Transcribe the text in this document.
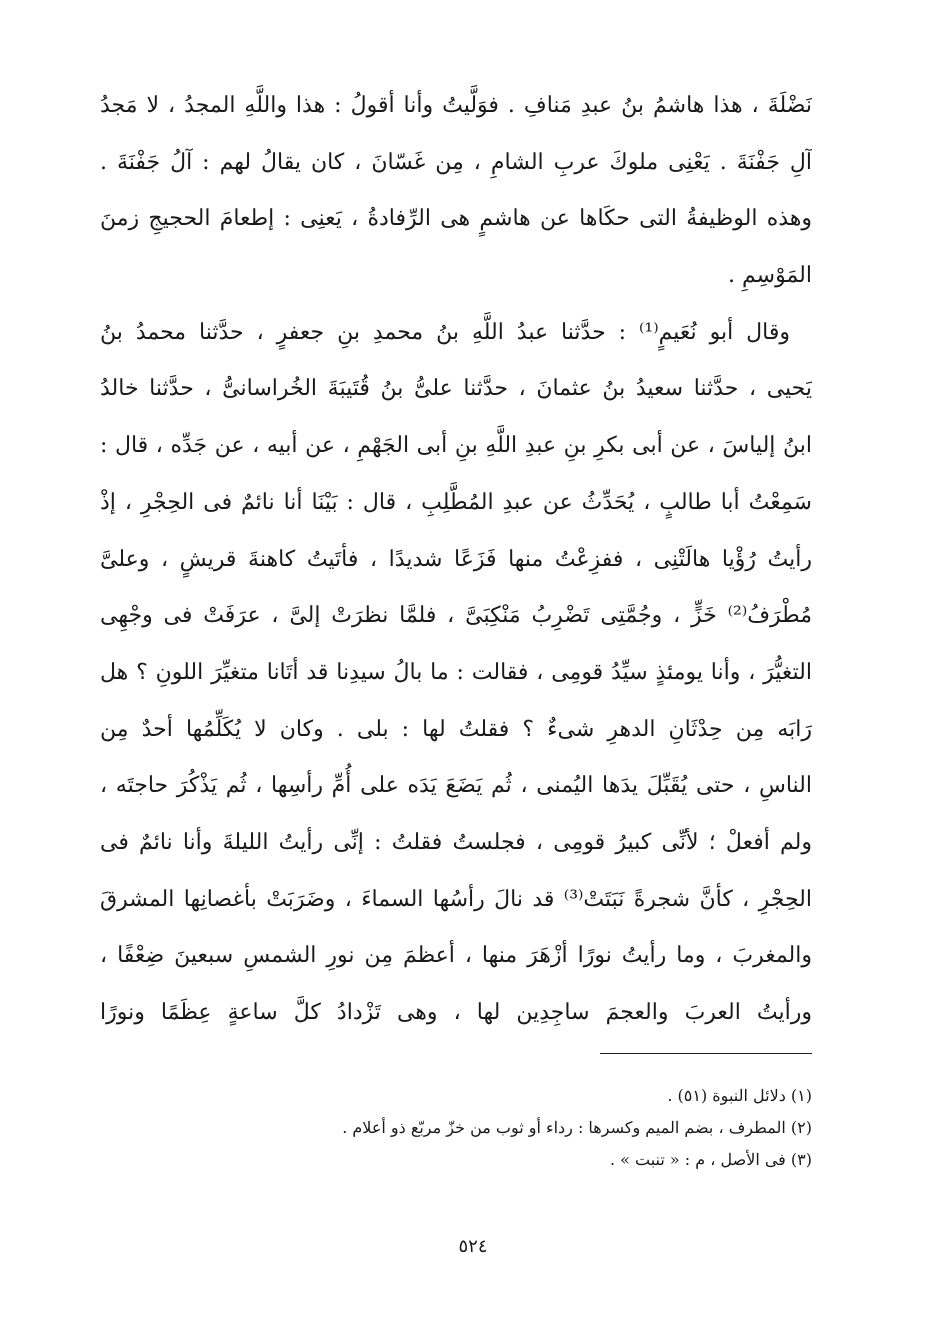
نَضْلَةَ ، هذا هاشمُ بنُ عبدِ مَنافِ . فوَلَّيتُ وأنا أقولُ : هذا واللَّهِ المجدُ ، لا مَجدُ
آلِ جَفْنَةَ . يَعْنِى ملوكَ عربِ الشامِ ، مِن غَسّانَ ، كان يقالُ لهم : آلُ جَفْنَةَ .
وهذه الوظيفةُ التى حكَاها عن هاشمٍ هى الرِّفادةُ ، يَعنِى : إطعامَ الحجيجِ زمنَ
المَوْسِمِ .
وقال أبو نُعَيمٍ⁽¹⁾ : حدَّثنا عبدُ اللَّهِ بنُ محمدِ بنِ جعفرٍ ، حدَّثنا محمدُ بنُ
يَحيى ، حدَّثنا سعيدُ بنُ عثمانَ ، حدَّثنا علىُّ بنُ قُتَيبَةَ الخُراسانىُّ ، حدَّثنا خالدُ
ابنُ إلياسَ ، عن أبى بكرِ بنِ عبدِ اللَّهِ بنِ أبى الجَهْمِ ، عن أبيه ، عن جَدِّه ، قال :
سَمِعْتُ أبا طالبٍ ، يُحَدِّثُ عن عبدِ المُطَّلِبِ ، قال : بَيْنَا أنا نائمٌ فى الحِجْرِ ، إذْ
رأيتُ رُؤْيا هالَتْنِى ، ففزِعْتُ منها فَزَعًا شديدًا ، فأتَيتُ كاهنةَ قريشٍ ، وعلىَّ
مُطْرَفُ⁽²⁾ خَزٍّ ، وجُمَّتِى تَضْرِبُ مَنْكِبَىَّ ، فلمَّا نظرَتْ إلىَّ ، عرَفَتْ فى وجْهِى
التغيُّرَ ، وأنا يومئذٍ سيِّدُ قومِى ، فقالت : ما بالُ سيدِنا قد أتَانا متغيِّرَ اللونِ ؟ هل
رَابَه مِن حِدْثَانِ الدهرِ شىءٌ ؟ فقلتُ لها : بلى . وكان لا يُكَلِّمُها أحدٌ مِن
الناسِ ، حتى يُقَبِّلَ يدَها اليُمنى ، ثُم يَضَعَ يَدَه على أُمِّ رأسِها ، ثُم يَذْكُرَ حاجتَه ،
ولم أفعلْ ؛ لأنِّى كبيرُ قومِى ، فجلستُ فقلتُ : إنِّى رأيتُ الليلةَ وأنا نائمٌ فى
الحِجْرِ ، كأنَّ شجرةً نَبَتَتْ⁽³⁾ قد نالَ رأسُها السماءَ ، وضَرَبَتْ بأغصانِها المشرقَ
والمغربَ ، وما رأيتُ نورًا أزْهَرَ منها ، أعظمَ مِن نورِ الشمسِ سبعينَ ضِعْفًا ،
ورأيتُ العربَ والعجمَ ساجِدِين لها ، وهى تَزْدادُ كلَّ ساعةٍ عِظَمًا ونورًا
(١) دلائل النبوة (٥١) .
(٢) المطرف ، بضم الميم وكسرها : رداء أو ثوب من خزّ مربّع ذو أعلام .
(٣) فى الأصل ، م : « تنبت » .
٥٢٤
